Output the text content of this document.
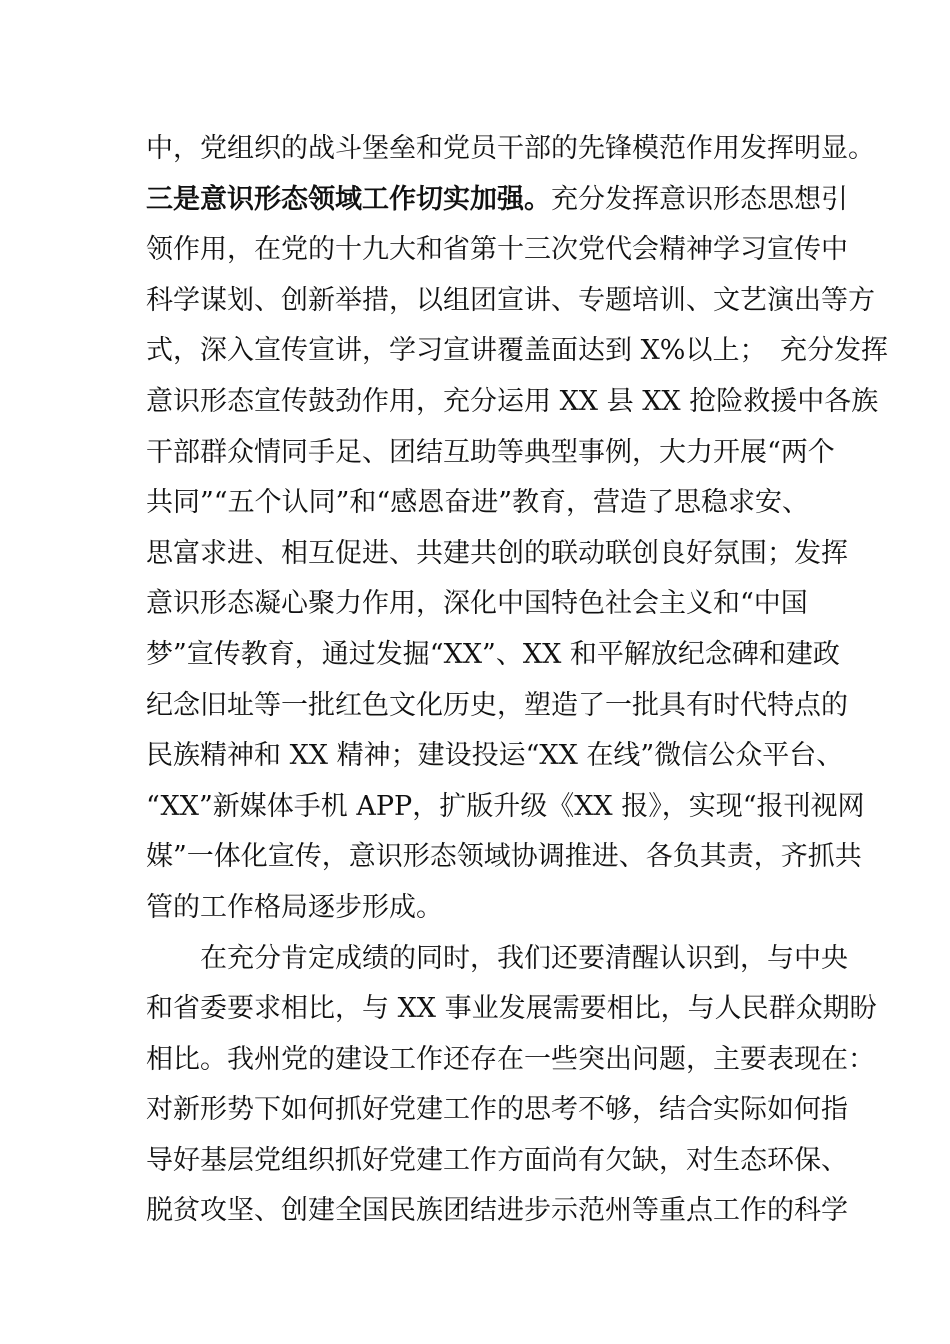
中，党组织的战斗堡垒和党员干部的先锋模范作用发挥明显。
三是意识形态领域工作切实加强。充分发挥意识形态思想引
领作用，在党的十九大和省第十三次党代会精神学习宣传中
科学谋划、创新举措，以组团宣讲、专题培训、文艺演出等方
式，深入宣传宣讲，学习宣讲覆盖面达到 X%以上；　充分发挥
意识形态宣传鼓劲作用，充分运用 XX 县 XX 抢险救援中各族
干部群众情同手足、团结互助等典型事例，大力开展“两个
共同”“五个认同”和“感恩奋进”教育，营造了思稳求安、
思富求进、相互促进、共建共创的联动联创良好氛围；发挥
意识形态凝心聚力作用，深化中国特色社会主义和“中国
梦”宣传教育，通过发掘“XX”、XX 和平解放纪念碑和建政
纪念旧址等一批红色文化历史，塑造了一批具有时代特点的
民族精神和 XX 精神；建设投运“XX 在线”微信公众平台、
“XX”新媒体手机 APP，扩版升级《XX 报》，实现“报刊视网
媒”一体化宣传，意识形态领域协调推进、各负其责，齐抓共
管的工作格局逐步形成。
在充分肯定成绩的同时，我们还要清醒认识到，与中央
和省委要求相比，与 XX 事业发展需要相比，与人民群众期盼
相比。我州党的建设工作还存在一些突出问题，主要表现在：
对新形势下如何抓好党建工作的思考不够，结合实际如何指
导好基层党组织抓好党建工作方面尚有欠缺，对生态环保、
脱贫攻坚、创建全国民族团结进步示范州等重点工作的科学
